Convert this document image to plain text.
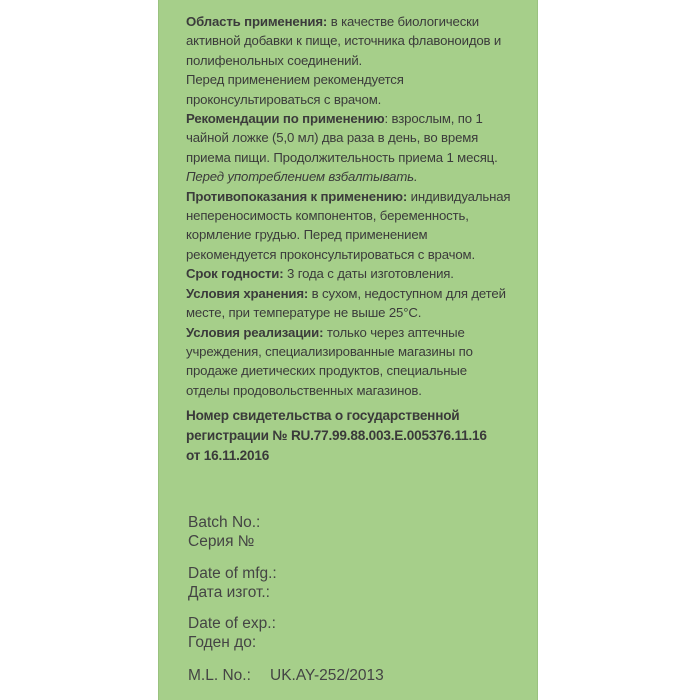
Область применения: в качестве биологически

активной добавки к пище, источника флавоноидов и

полифенольных соединений.

Перед применением рекомендуется

проконсультироваться с врачом.

Рекомендации по применению: взрослым, по 1

чайной ложке (5,0 мл) два раза в день, во время

приема пищи. Продолжительность приема 1 месяц.

Перед употреблением взбалтывать.

Противопоказания к применению: индивидуальная

непереносимость компонентов, беременность,

кормление грудью. Перед применением

рекомендуется проконсультироваться с врачом.

Срок годности: 3 года с даты изготовления.

Условия хранения: в сухом, недоступном для детей

месте, при температуре не выше 25°С.

Условия реализации: только через аптечные

учреждения, специализированные магазины по

продаже диетических продуктов, специальные

отделы продовольственных магазинов.

Номер свидетельства о государственной
регистрации № RU.77.99.88.003.Е.005376.11.16
от 16.11.2016
Batch No.:
Серия №
Date of mfg.:
Дата изгот.:
Date of exp.:
Годен до:
M.L. No.: UK.AY-252/2013
